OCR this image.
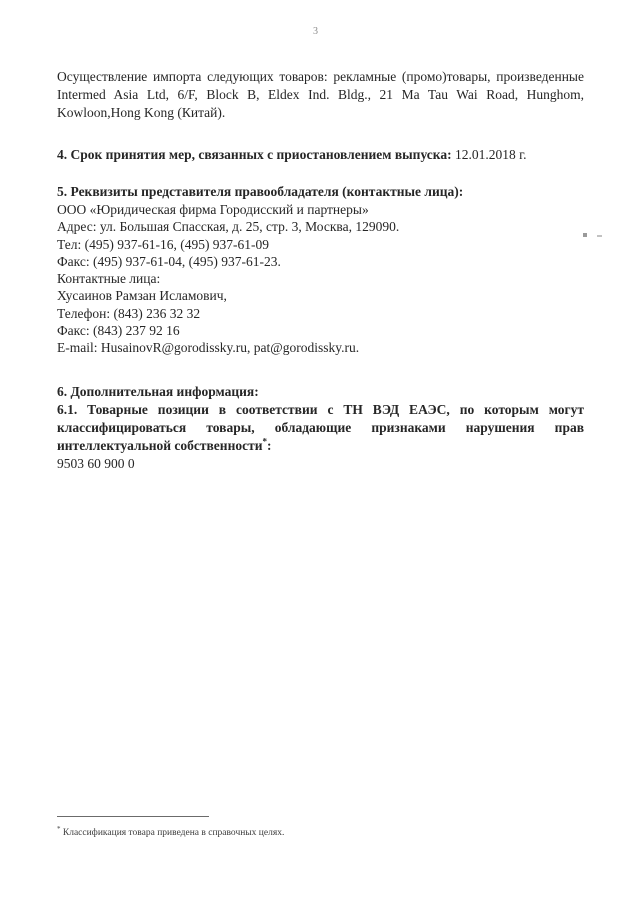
3
Осуществление импорта следующих товаров: рекламные (промо)товары, произведенные Intermed Asia Ltd, 6/F, Block B, Eldex Ind. Bldg., 21 Ma Tau Wai Road, Hunghom, Kowloon,Hong Kong (Китай).
4. Срок принятия мер, связанных с приостановлением выпуска: 12.01.2018 г.
5. Реквизиты представителя правообладателя (контактные лица):
ООО «Юридическая фирма Городисский и партнеры»
Адрес: ул. Большая Спасская, д. 25, стр. 3, Москва, 129090.
Тел: (495) 937-61-16, (495) 937-61-09
Факс: (495) 937-61-04, (495) 937-61-23.
Контактные лица:
Хусаинов Рамзан Исламович,
Телефон: (843) 236 32 32
Факс: (843) 237 92 16
E-mail: HusainovR@gorodissky.ru, pat@gorodissky.ru.
6. Дополнительная информация:
6.1. Товарные позиции в соответствии с ТН ВЭД ЕАЭС, по которым могут классифицироваться товары, обладающие признаками нарушения прав интеллектуальной собственности*:
9503 60 900 0
* Классификация товара приведена в справочных целях.
